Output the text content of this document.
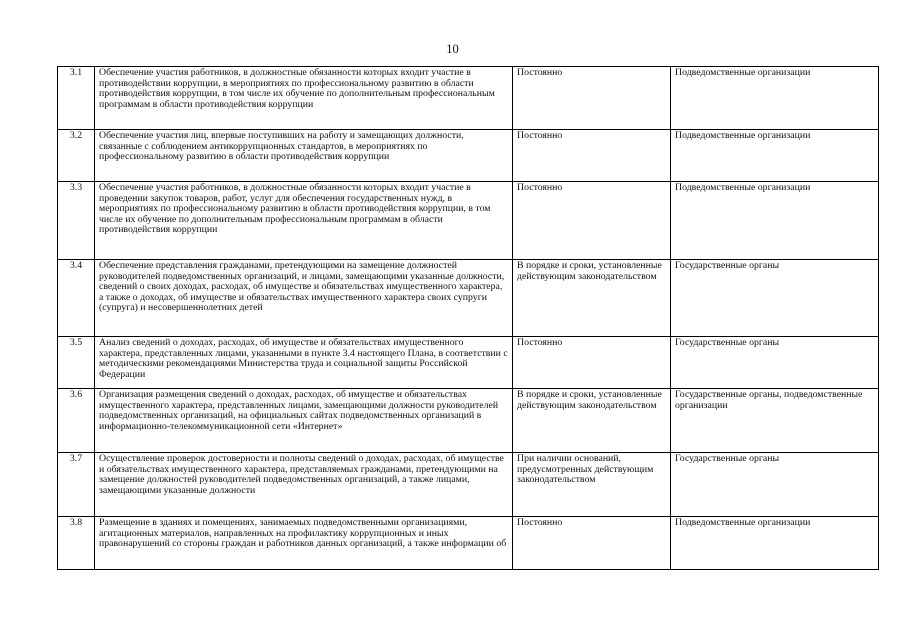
10
3.1	Обеспечение участия работников, в должностные обязанности которых входит участие в противодействии коррупции, в мероприятиях по профессиональному развитию в области противодействия коррупции, в том числе их обучение по дополнительным профессиональным программам в области противодействия коррупции	Постоянно	Подведомственные организации
3.2	Обеспечение участия лиц, впервые поступивших на работу и замещающих должности, связанные с соблюдением антикоррупционных стандартов, в мероприятиях по профессиональному развитию в области противодействия коррупции	Постоянно	Подведомственные организации
3.3	Обеспечение участия работников, в должностные обязанности которых входит участие в проведении закупок товаров, работ, услуг для обеспечения государственных нужд, в мероприятиях по профессиональному развитию в области противодействия коррупции, в том числе их обучение по дополнительным профессиональным программам в области противодействия коррупции	Постоянно	Подведомственные организации
3.4	Обеспечение представления гражданами, претендующими на замещение должностей руководителей подведомственных организаций, и лицами, замещающими указанные должности, сведений о своих доходах, расходах, об имуществе и обязательствах имущественного характера, а также о доходах, об имуществе и обязательствах имущественного характера своих супруги (супруга) и несовершеннолетних детей	В порядке и сроки, установленные действующим законодательством	Государственные органы
3.5	Анализ сведений о доходах, расходах, об имуществе и обязательствах имущественного характера, представленных лицами, указанными в пункте 3.4 настоящего Плана, в соответствии с методическими рекомендациями Министерства труда и социальной защиты Российской Федерации	Постоянно	Государственные органы
3.6	Организация размещения сведений о доходах, расходах, об имуществе и обязательствах имущественного характера, представленных лицами, замещающими должности руководителей подведомственных организаций, на официальных сайтах подведомственных организаций в информационно-телекоммуникационной сети «Интернет»	В порядке и сроки, установленные действующим законодательством	Государственные органы, подведомственные организации
3.7	Осуществление проверок достоверности и полноты сведений о доходах, расходах, об имуществе и обязательствах имущественного характера, представляемых гражданами, претендующими на замещение должностей руководителей подведомственных организаций, а также лицами, замещающими указанные должности	При наличии оснований, предусмотренных действующим законодательством	Государственные органы
3.8	Размещение в зданиях и помещениях, занимаемых подведомственными организациями, агитационных материалов, направленных на профилактику коррупционных и иных правонарушений со стороны граждан и работников данных организаций, а также информации об	Постоянно	Подведомственные организации
